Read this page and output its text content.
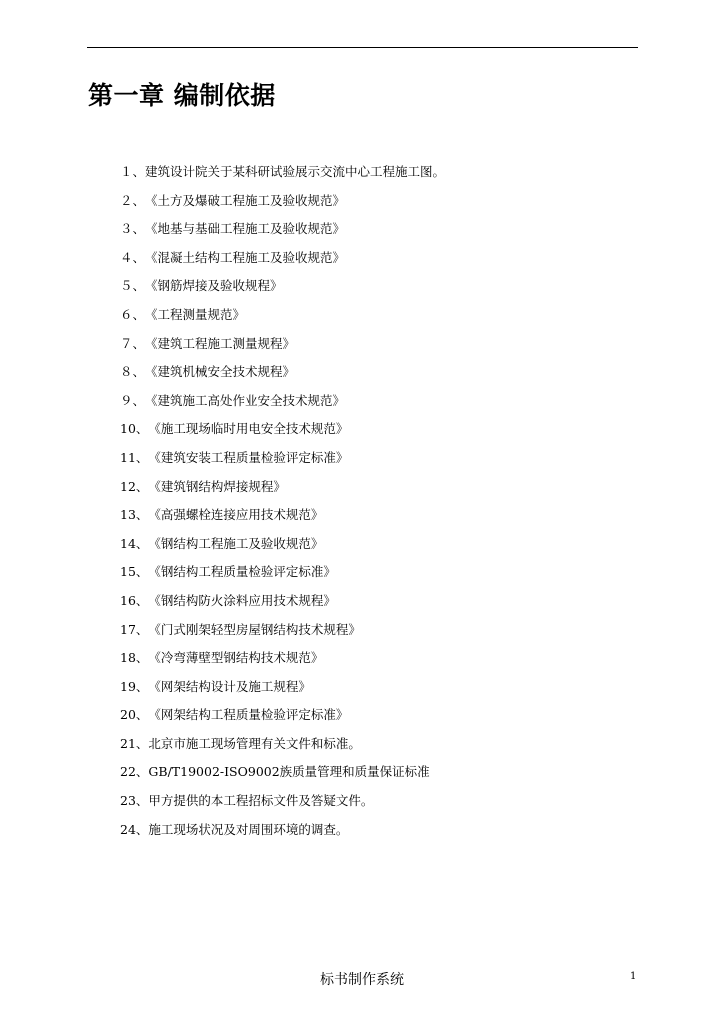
第一章 编制依据
１、建筑设计院关于某科研试验展示交流中心工程施工图。
２、《土方及爆破工程施工及验收规范》
３、《地基与基础工程施工及验收规范》
４、《混凝土结构工程施工及验收规范》
５、《钢筋焊接及验收规程》
６、《工程测量规范》
７、《建筑工程施工测量规程》
８、《建筑机械安全技术规程》
９、《建筑施工高处作业安全技术规范》
10、《施工现场临时用电安全技术规范》
11、《建筑安装工程质量检验评定标准》
12、《建筑钢结构焊接规程》
13、《高强螺栓连接应用技术规范》
14、《钢结构工程施工及验收规范》
15、《钢结构工程质量检验评定标准》
16、《钢结构防火涂料应用技术规程》
17、《门式刚架轻型房屋钢结构技术规程》
18、《冷弯薄壁型钢结构技术规范》
19、《网架结构设计及施工规程》
20、《网架结构工程质量检验评定标准》
21、北京市施工现场管理有关文件和标准。
22、GB/T19002-ISO9002族质量管理和质量保证标准
23、甲方提供的本工程招标文件及答疑文件。
24、施工现场状况及对周围环境的调查。

标书制作系统	1
